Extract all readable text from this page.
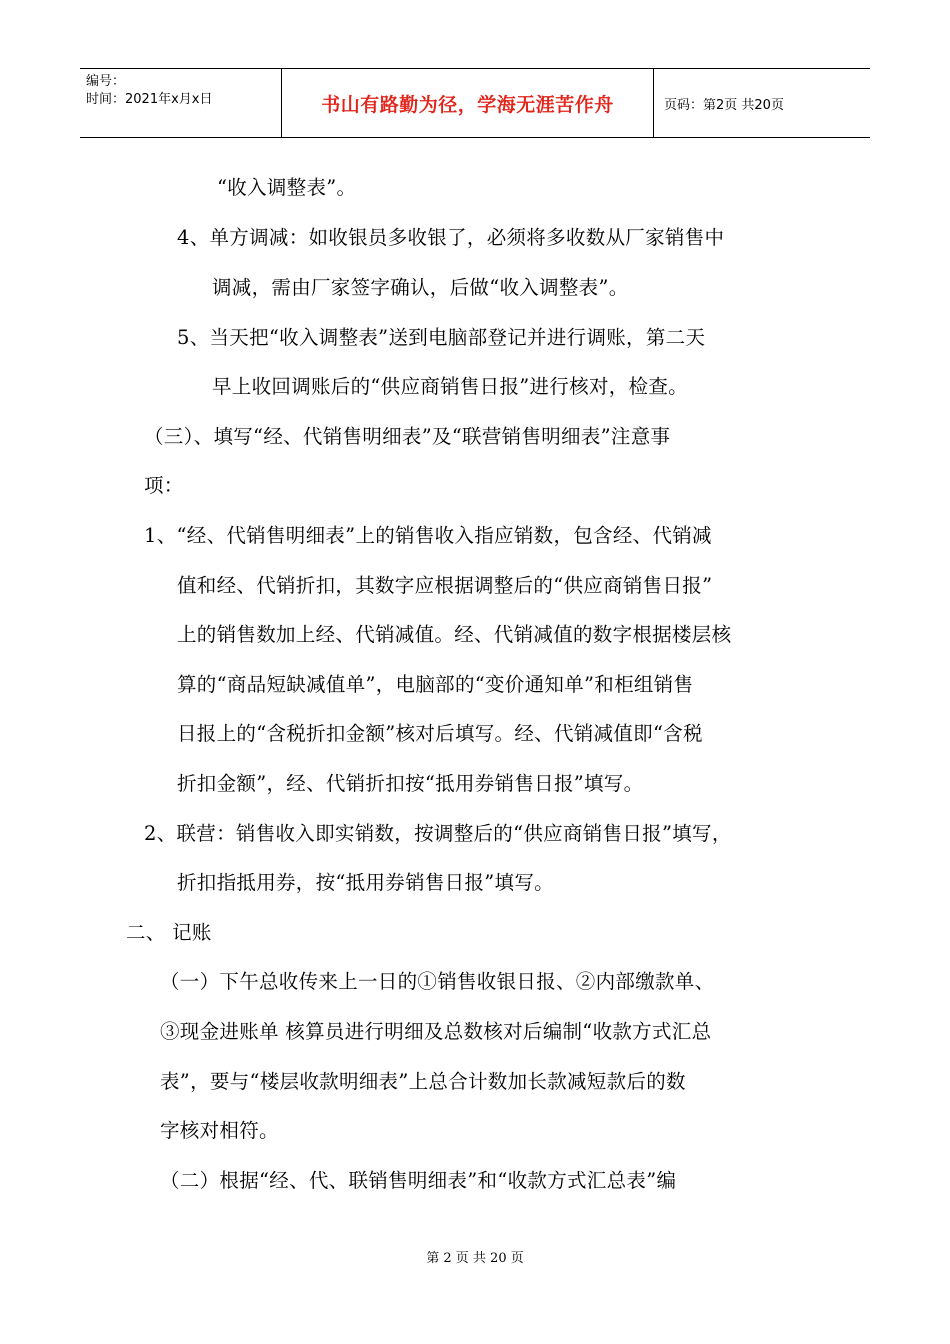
编号：
时间：2021年x月x日	书山有路勤为径，学海无涯苦作舟	页码：第2页 共20页
“收入调整表”。
4、单方调减：如收银员多收银了，必须将多收数从厂家销售中
调减，需由厂家签字确认，后做“收入调整表”。
5、当天把“收入调整表”送到电脑部登记并进行调账，第二天
早上收回调账后的“供应商销售日报”进行核对，检查。
（三）、填写“经、代销售明细表”及“联营销售明细表”注意事
项：
1、“经、代销售明细表”上的销售收入指应销数，包含经、代销减
值和经、代销折扣，其数字应根据调整后的“供应商销售日报”
上的销售数加上经、代销减值。经、代销减值的数字根据楼层核
算的“商品短缺减值单”，电脑部的“变价通知单”和柜组销售
日报上的“含税折扣金额”核对后填写。经、代销减值即“含税
折扣金额”，经、代销折扣按“抵用券销售日报”填写。
2、联营：销售收入即实销数，按调整后的“供应商销售日报”填写，
折扣指抵用券，按“抵用券销售日报”填写。
二、 记账
（一）下午总收传来上一日的①销售收银日报、②内部缴款单、
③现金进账单 核算员进行明细及总数核对后编制“收款方式汇总
表”，要与“楼层收款明细表”上总合计数加长款减短款后的数
字核对相符。
（二）根据“经、代、联销售明细表”和“收款方式汇总表”编
第 2 页 共 20 页
